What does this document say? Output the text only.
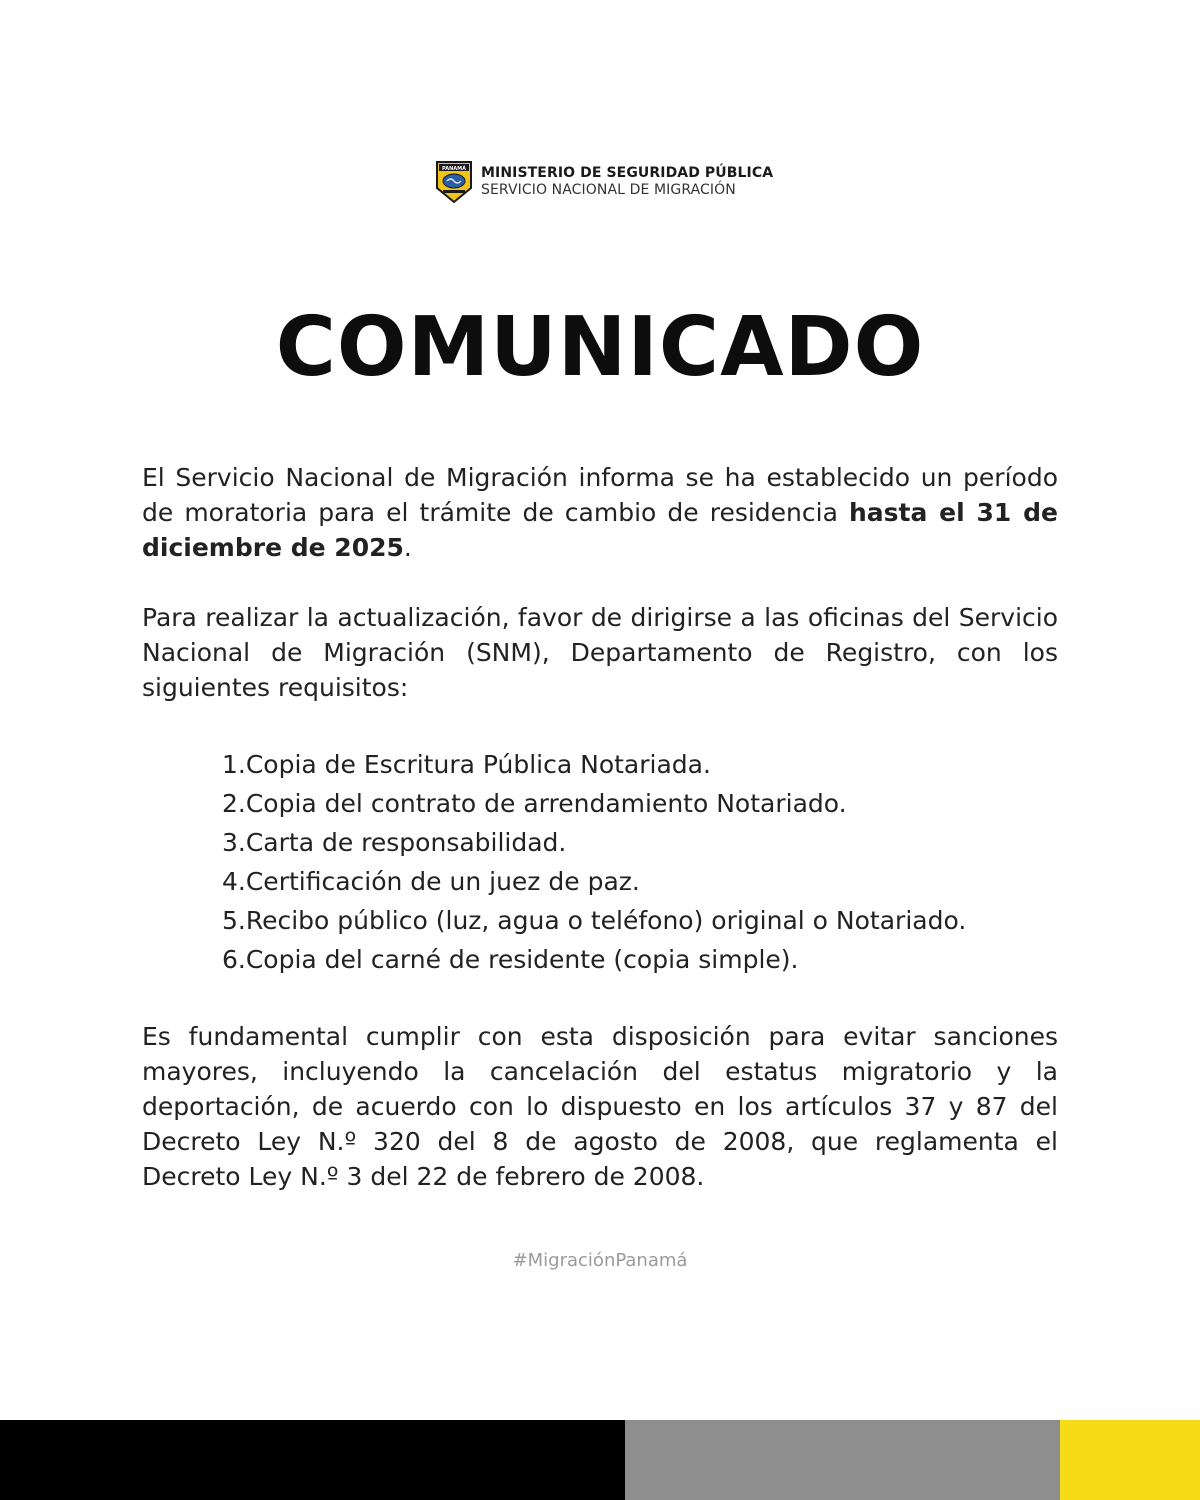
PANAMÁ MINISTERIO DE SEGURIDAD PÚBLICA
SERVICIO NACIONAL DE MIGRACIÓN
COMUNICADO

El Servicio Nacional de Migración informa se ha establecido un período de moratoria para el trámite de cambio de residencia hasta el 31 de diciembre de 2025.

Para realizar la actualización, favor de dirigirse a las oficinas del Servicio Nacional de Migración (SNM), Departamento de Registro, con los siguientes requisitos:

1.Copia de Escritura Pública Notariada.
2.Copia del contrato de arrendamiento Notariado.
3.Carta de responsabilidad.
4.Certificación de un juez de paz.
5.Recibo público (luz, agua o teléfono) original o Notariado.
6.Copia del carné de residente (copia simple).

Es fundamental cumplir con esta disposición para evitar sanciones mayores, incluyendo la cancelación del estatus migratorio y la deportación, de acuerdo con lo dispuesto en los artículos 37 y 87 del Decreto Ley N.º 320 del 8 de agosto de 2008, que reglamenta el Decreto Ley N.º 3 del 22 de febrero de 2008.

#MigraciónPanamá
